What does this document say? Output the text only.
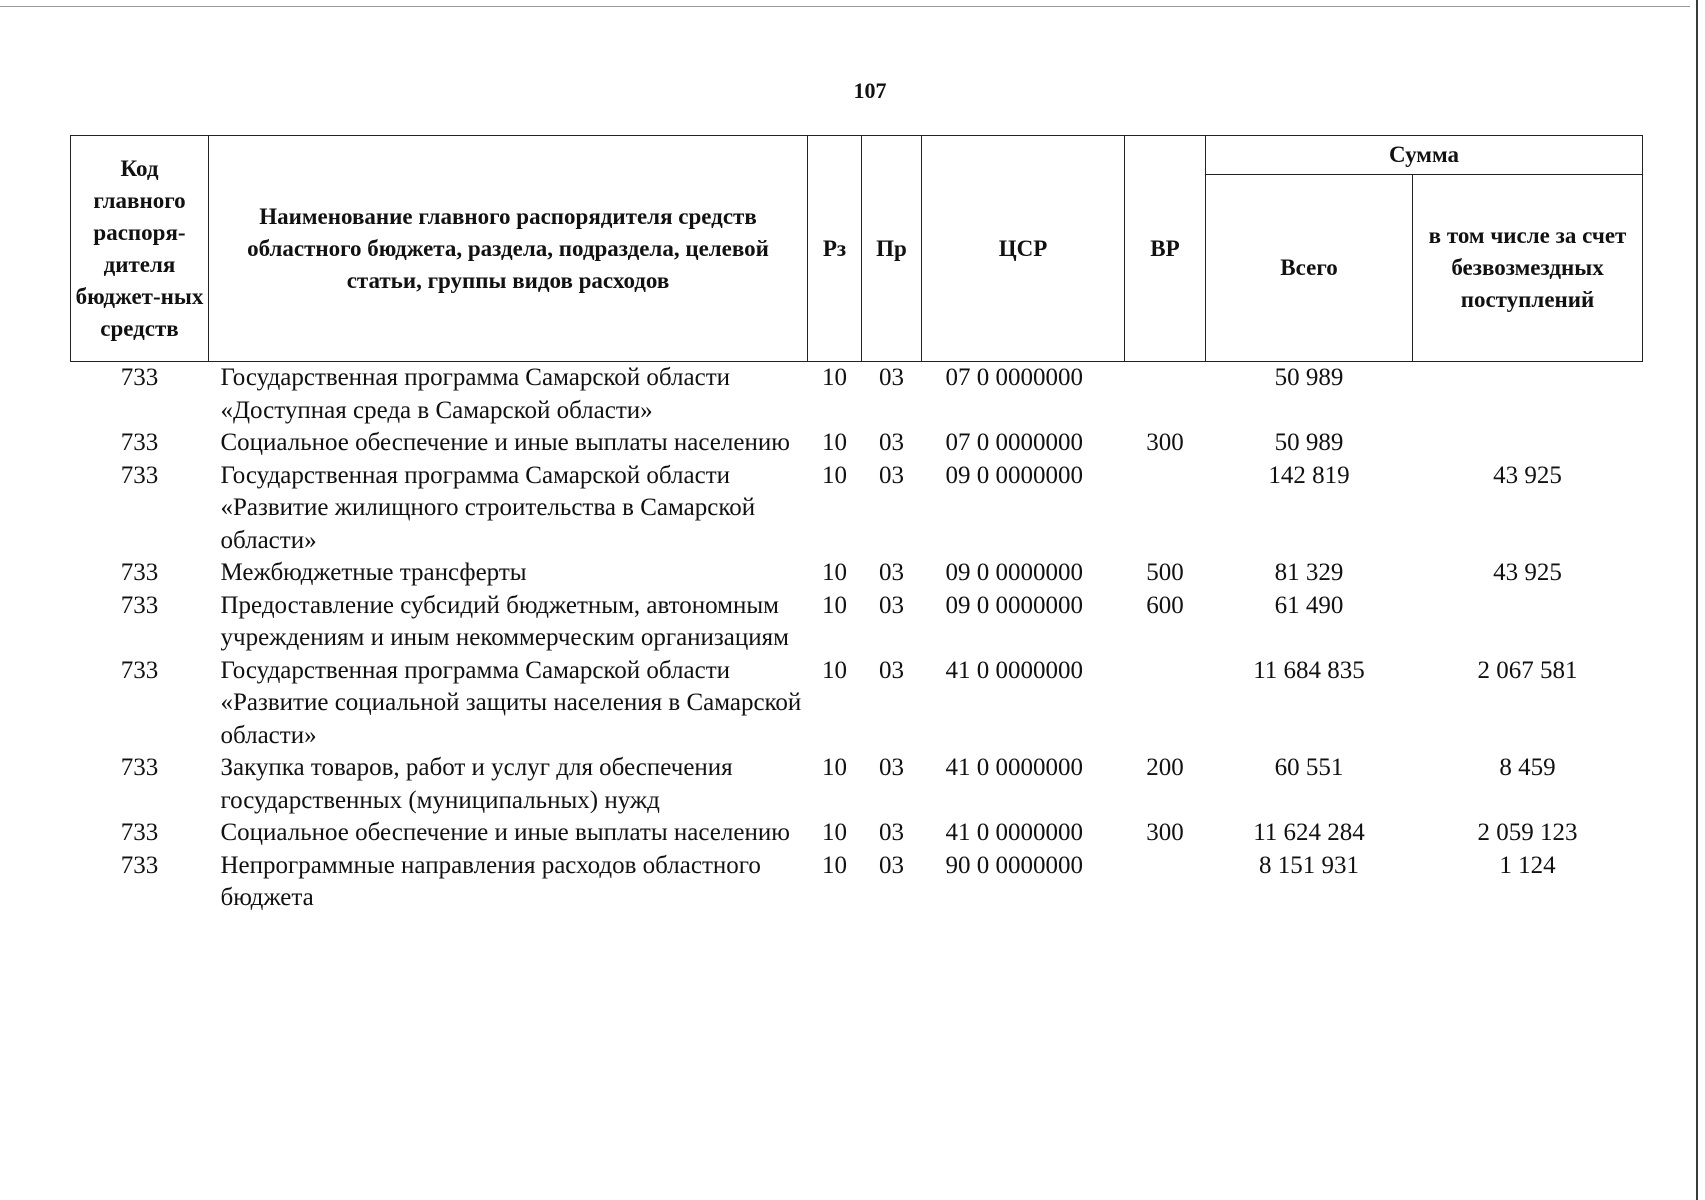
107
Код главного распоря-дителя бюджет-ных средств	Наименование главного распорядителя средств областного бюджета, раздела, подраздела, целевой статьи, группы видов расходов	Рз	Пр	ЦСР	ВР	Сумма	
						Всего	в том числе за счет безвозмездных поступлений
733	Государственная программа Самарской области «Доступная среда в Самарской области»	10	03	07 0 0000000		50 989	
733	Социальное обеспечение и иные выплаты населению	10	03	07 0 0000000	300	50 989	
733	Государственная программа Самарской области «Развитие жилищного строительства в Самарской области»	10	03	09 0 0000000		142 819	43 925
733	Межбюджетные трансферты	10	03	09 0 0000000	500	81 329	43 925
733	Предоставление субсидий бюджетным, автономным учреждениям и иным некоммерческим организациям	10	03	09 0 0000000	600	61 490	
733	Государственная программа Самарской области «Развитие социальной защиты населения в Самарской области»	10	03	41 0 0000000		11 684 835	2 067 581
733	Закупка товаров, работ и услуг для обеспечения государственных (муниципальных) нужд	10	03	41 0 0000000	200	60 551	8 459
733	Социальное обеспечение и иные выплаты населению	10	03	41 0 0000000	300	11 624 284	2 059 123
733	Непрограммные направления расходов областного бюджета	10	03	90 0 0000000		8 151 931	1 124
